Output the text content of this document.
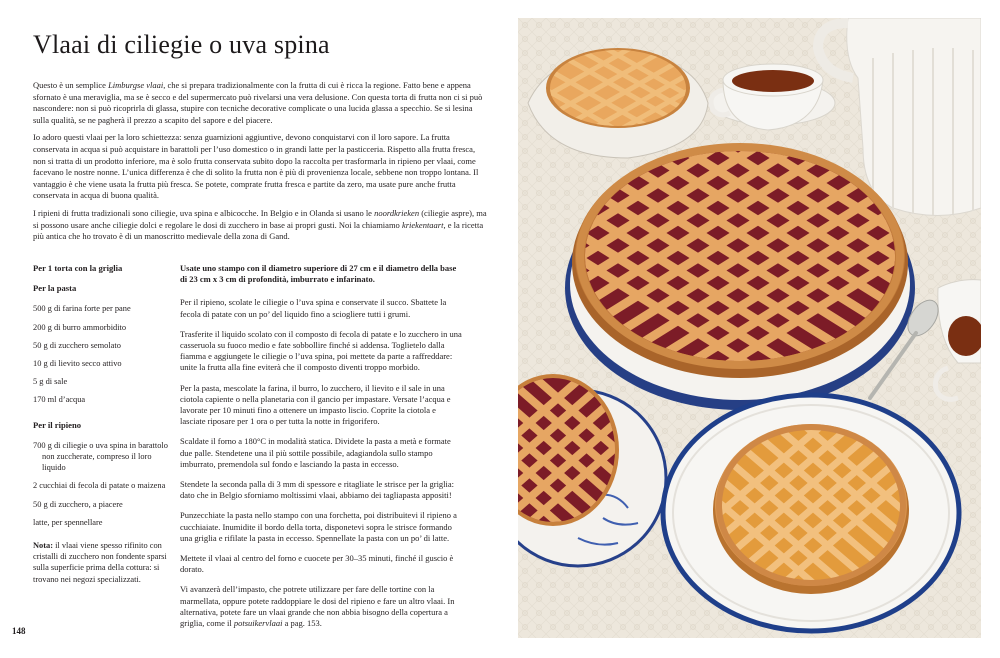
Vlaai di ciliegie o uva spina

Questo è un semplice Limburgse vlaai, che si prepara tradizionalmente con la frutta di cui è ricca la regione. Fatto bene e appena sfornato è una meraviglia, ma se è secco e del supermercato può rivelarsi una vera delusione. Con questa torta di frutta non ci si può nascondere: non si può ricoprirla di glassa, stupire con tecniche decorative complicate o una lucida glassa a specchio. Se si lesina sulla qualità, se ne pagherà il prezzo a scapito del sapore e del piacere.

Io adoro questi vlaai per la loro schiettezza: senza guarnizioni aggiuntive, devono conquistarvi con il loro sapore. La frutta conservata in acqua si può acquistare in barattoli per l’uso domestico o in grandi latte per la pasticceria. Rispetto alla frutta fresca, non si tratta di un prodotto inferiore, ma è solo frutta conservata subito dopo la raccolta per trasformarla in ripieno per vlaai, come facevano le nostre nonne. L’unica differenza è che di solito la frutta non è più di provenienza locale, sebbene non troppo lontana. Il vantaggio è che viene usata la frutta più fresca. Se potete, comprate frutta fresca e partite da zero, ma usate pure anche frutta conservata in acqua di buona qualità.

I ripieni di frutta tradizionali sono ciliegie, uva spina e albicocche. In Belgio e in Olanda si usano le noordkrieken (ciliegie aspre), ma si possono usare anche ciliegie dolci e regolare le dosi di zucchero in base ai propri gusti. Noi la chiamiamo kriekentaart, e la ricetta più antica che ho trovato è di un manoscritto medievale della zona di Gand.

Per 1 torta con la griglia
Per la pasta
500 g di farina forte per pane
200 g di burro ammorbidito
50 g di zucchero semolato
10 g di lievito secco attivo
5 g di sale
170 ml d’acqua
Per il ripieno
700 g di ciliegie o uva spina in barattolo non zuccherate, compreso il loro liquido
2 cucchiai di fecola di patate o maizena
50 g di zucchero, a piacere
latte, per spennellare
Nota: il vlaai viene spesso rifinito con cristalli di zucchero non fondente sparsi sulla superficie prima della cottura: si trovano nei negozi specializzati.

Usate uno stampo con il diametro superiore di 27 cm e il diametro della base di 23 cm x 3 cm di profondità, imburrato e infarinato.

Per il ripieno, scolate le ciliegie o l’uva spina e conservate il succo. Sbattete la fecola di patate con un po’ del liquido fino a sciogliere tutti i grumi.

Trasferite il liquido scolato con il composto di fecola di patate e lo zucchero in una casseruola su fuoco medio e fate sobbollire finché si addensa. Toglietelo dalla fiamma e aggiungete le ciliegie o l’uva spina, poi mettete da parte a raffreddare: unite la frutta alla fine eviterà che il composto diventi troppo morbido.

Per la pasta, mescolate la farina, il burro, lo zucchero, il lievito e il sale in una ciotola capiente o nella planetaria con il gancio per impastare. Versate l’acqua e lavorate per 10 minuti fino a ottenere un impasto liscio. Coprite la ciotola e lasciate riposare per 1 ora o per tutta la notte in frigorifero.

Scaldate il forno a 180°C in modalità statica. Dividete la pasta a metà e formate due palle. Stendetene una il più sottile possibile, adagiandola sullo stampo imburrato, premendola sul fondo e lasciando la pasta in eccesso.

Stendete la seconda palla di 3 mm di spessore e ritagliate le strisce per la griglia: dato che in Belgio sforniamo moltissimi vlaai, abbiamo dei tagliapasta appositi!

Punzecchiate la pasta nello stampo con una forchetta, poi distribuitevi il ripieno a cucchiaiate. Inumidite il bordo della torta, disponetevi sopra le strisce formando una griglia e rifilate la pasta in eccesso. Spennellate la pasta con un po’ di latte.

Mettete il vlaai al centro del forno e cuocete per 30–35 minuti, finché il guscio è dorato.

Vi avanzerà dell’impasto, che potrete utilizzare per fare delle tortine con la marmellata, oppure potete raddoppiare le dosi del ripieno e fare un altro vlaai. In alternativa, potete fare un vlaai grande che non abbia bisogno della copertura a griglia, come il potsuikervlaai a pag. 153.

148
